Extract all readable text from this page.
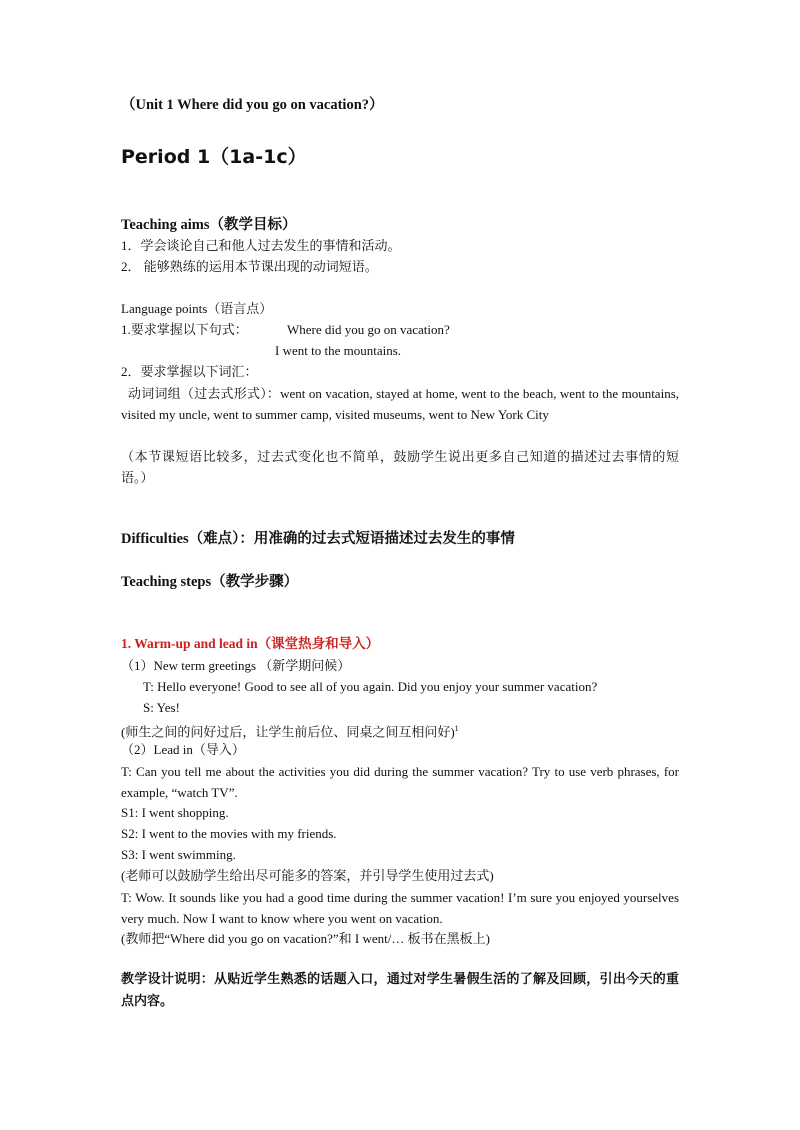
（Unit 1 Where did you go on vacation?）
Period 1（1a-1c）
Teaching aims（教学目标）
1．学会谈论自己和他人过去发生的事情和活动。
2． 能够熟练的运用本节课出现的动词短语。
Language points（语言点）
1.要求掌握以下句式：	Where did you go on vacation?
I went to the mountains.
2．要求掌握以下词汇：
动词词组（过去式形式）：went on vacation, stayed at home, went to the beach, went to the mountains, visited my uncle, went to summer camp, visited museums, went to New York City
（本节课短语比较多，过去式变化也不简单，鼓励学生说出更多自己知道的描述过去事情的短语。）
Difficulties（难点）：用准确的过去式短语描述过去发生的事情
Teaching steps（教学步骤）
1. Warm-up and lead in（课堂热身和导入）
（1）New term greetings （新学期问候）
T: Hello everyone! Good to see all of you again. Did you enjoy your summer vacation?
S: Yes!
(师生之间的问好过后，让学生前后位、同桌之间互相问好)$^1$
（2）Lead in（导入）
T: Can you tell me about the activities you did during the summer vacation? Try to use verb phrases, for example, “watch TV”.
S1: I went shopping.
S2: I went to the movies with my friends.
S3: I went swimming.
(老师可以鼓励学生给出尽可能多的答案，并引导学生使用过去式)
T: Wow. It sounds like you had a good time during the summer vacation! I’m sure you enjoyed yourselves very much. Now I want to know where you went on vacation.
(教师把“Where did you go on vacation?”和 I went/… 板书在黑板上)
教学设计说明：从贴近学生熟悉的话题入口，通过对学生暑假生活的了解及回顾，引出今天的重点内容。
